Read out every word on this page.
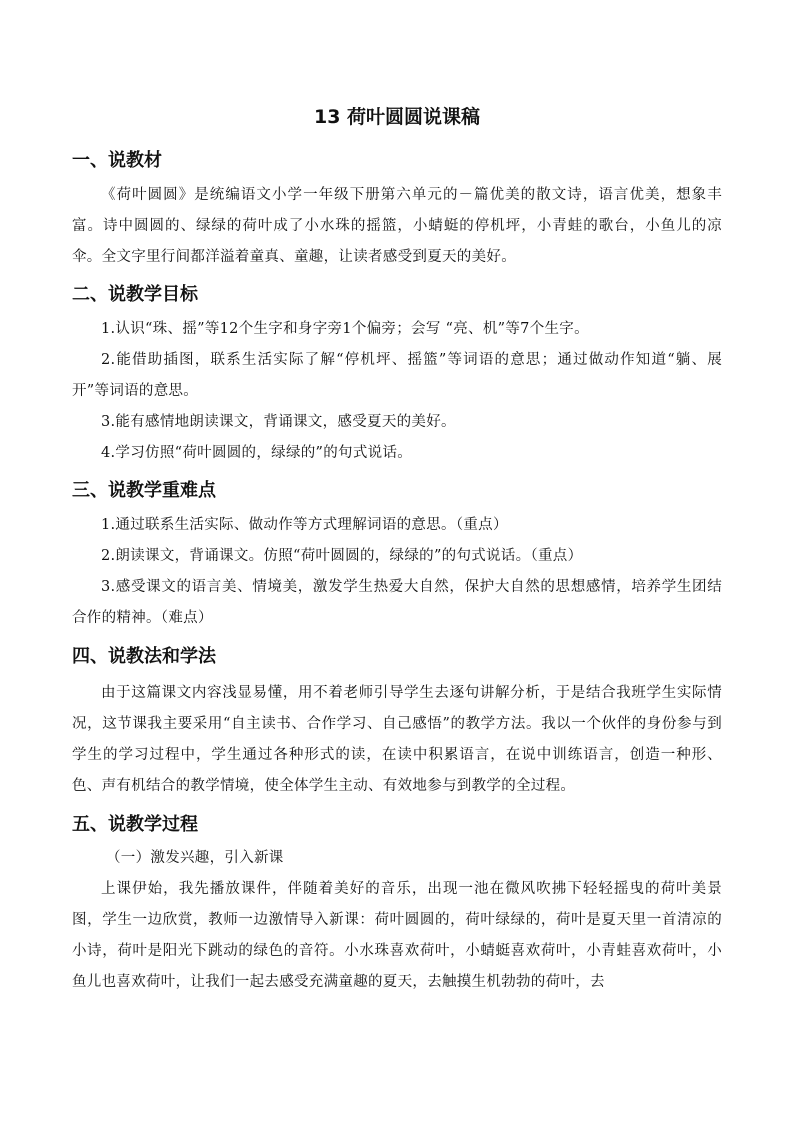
13 荷叶圆圆说课稿
一、说教材

《荷叶圆圆》是统编语文小学一年级下册第六单元的－篇优美的散文诗，语言优美，想象丰富。诗中圆圆的、绿绿的荷叶成了小水珠的摇篮，小蜻蜓的停机坪，小青蛙的歌台，小鱼儿的凉伞。全文字里行间都洋溢着童真、童趣，让读者感受到夏天的美好。

二、说教学目标

1.认识“珠、摇”等12个生字和身字旁1个偏旁；会写 “亮、机”等7个生字。

2.能借助插图，联系生活实际了解“停机坪、摇篮”等词语的意思；通过做动作知道“躺、展开”等词语的意思。

3.能有感情地朗读课文，背诵课文，感受夏天的美好。

4.学习仿照“荷叶圆圆的，绿绿的”的句式说话。

三、说教学重难点

1.通过联系生活实际、做动作等方式理解词语的意思。（重点）

2.朗读课文，背诵课文。仿照“荷叶圆圆的，绿绿的”的句式说话。（重点）

3.感受课文的语言美、情境美，激发学生热爱大自然，保护大自然的思想感情，培养学生团结合作的精神。（难点）

四、说教法和学法

由于这篇课文内容浅显易懂，用不着老师引导学生去逐句讲解分析，于是结合我班学生实际情况，这节课我主要采用“自主读书、合作学习、自己感悟”的教学方法。我以一个伙伴的身份参与到学生的学习过程中，学生通过各种形式的读，在读中积累语言，在说中训练语言，创造一种形、色、声有机结合的教学情境，使全体学生主动、有效地参与到教学的全过程。

五、说教学过程

（一）激发兴趣，引入新课

上课伊始，我先播放课件，伴随着美好的音乐，出现一池在微风吹拂下轻轻摇曳的荷叶美景图，学生一边欣赏，教师一边激情导入新课：荷叶圆圆的，荷叶绿绿的，荷叶是夏天里一首清凉的小诗，荷叶是阳光下跳动的绿色的音符。小水珠喜欢荷叶，小蜻蜓喜欢荷叶，小青蛙喜欢荷叶，小鱼儿也喜欢荷叶，让我们一起去感受充满童趣的夏天，去触摸生机勃勃的荷叶，去
